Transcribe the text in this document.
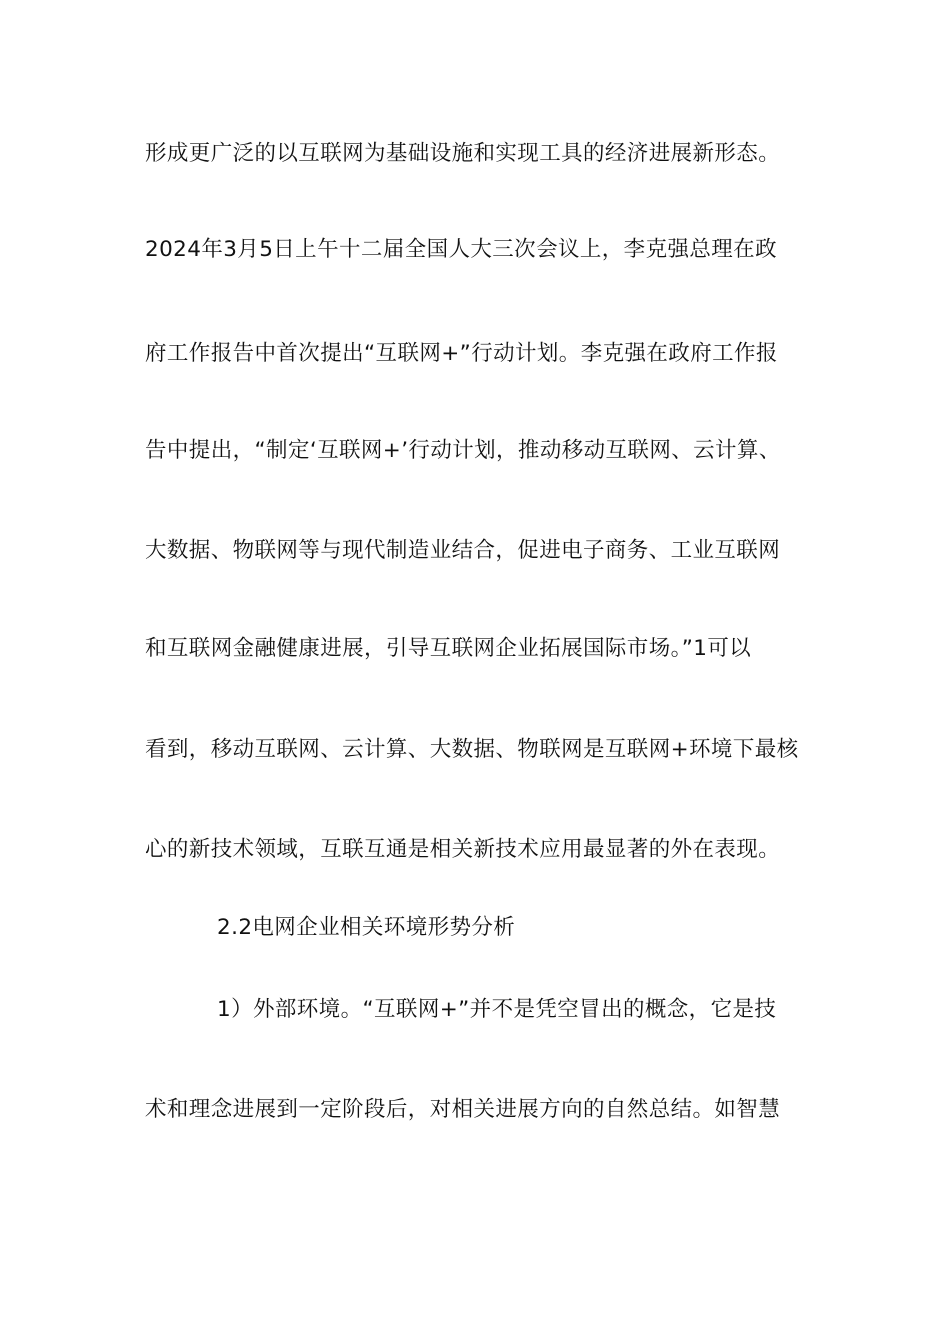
形成更广泛的以互联网为基础设施和实现工具的经济进展新形态。
2024年3月5日上午十二届全国人大三次会议上，李克强总理在政
府工作报告中首次提出“互联网+”行动计划。李克强在政府工作报
告中提出，“制定‘互联网+’行动计划，推动移动互联网、云计算、
大数据、物联网等与现代制造业结合，促进电子商务、工业互联网
和互联网金融健康进展，引导互联网企业拓展国际市场。”1可以
看到，移动互联网、云计算、大数据、物联网是互联网+环境下最核
心的新技术领域，互联互通是相关新技术应用最显著的外在表现。
2.2电网企业相关环境形势分析
1）外部环境。“互联网+”并不是凭空冒出的概念，它是技
术和理念进展到一定阶段后，对相关进展方向的自然总结。如智慧
